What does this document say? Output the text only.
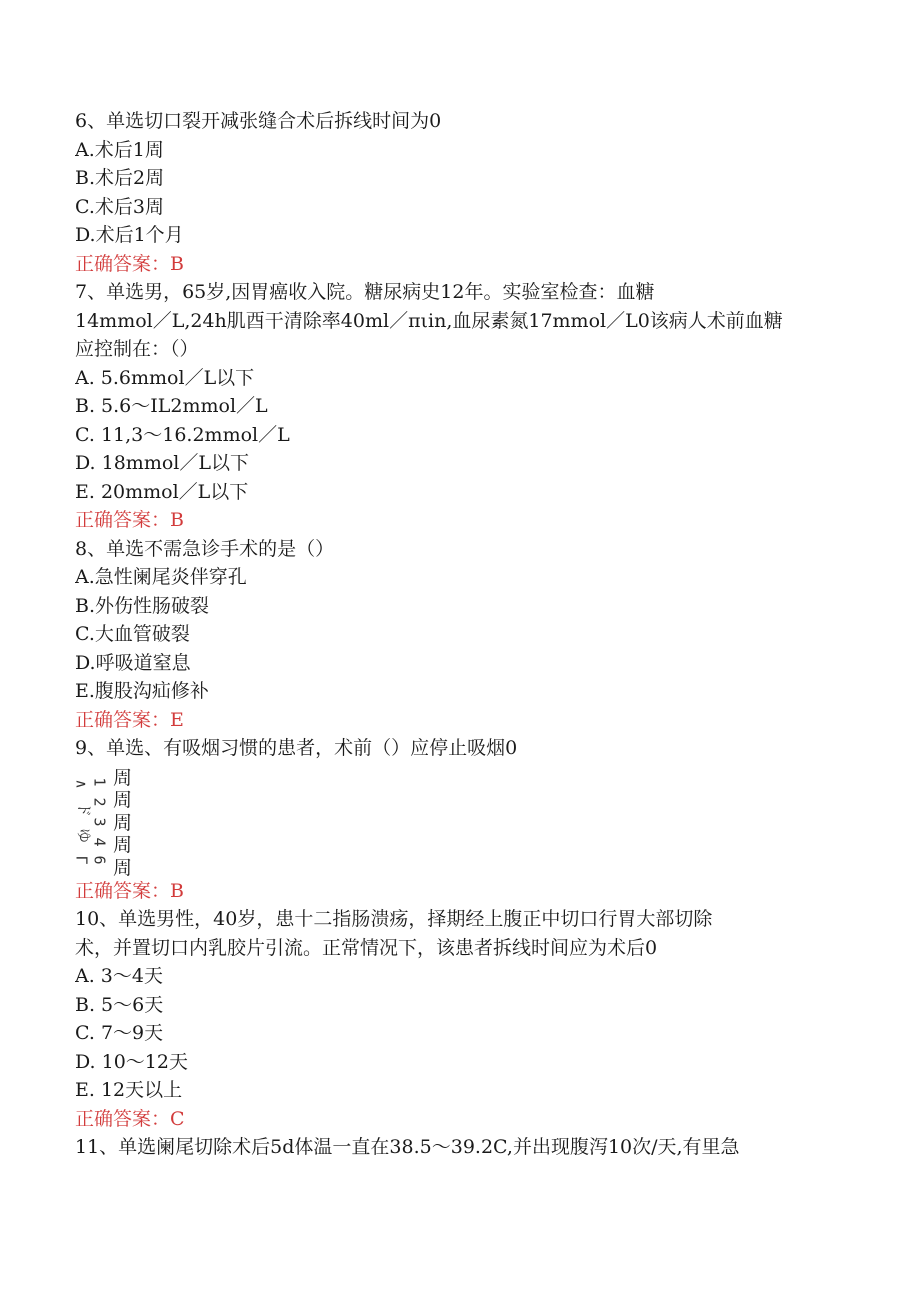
6、单选切口裂开减张缝合术后拆线时间为0
A.术后1周
B.术后2周
C.术后3周
D.术后1个月
正确答案：B
7、单选男，65岁,因胃癌收入院。糖尿病史12年。实验室检查：血糖
14mmol／L,24h肌酉干清除率40ml／πιin,血尿素氮17mmol／L0该病人术前血糖
应控制在：（）
A. 5.6mmol／L以下
B. 5.6～IL2mmol／L
C. 11,3～16.2mmol／L
D. 18mmol／L以下
E. 20mmol／L以下
正确答案：B
8、单选不需急诊手术的是（）
A.急性阑尾炎伴穿孔
B.外伤性肠破裂
C.大血管破裂
D.呼吸道窒息
E.腹股沟疝修补
正确答案：E
9、单选、有吸烟习惯的患者，术前（）应停止吸烟0
∧ 1
2
ド
3
4
ゆ
6
Γ
周
周
周
周
周
正确答案：B
10、单选男性，40岁，患十二指肠溃疡，择期经上腹正中切口行胃大部切除
术，并置切口内乳胶片引流。正常情况下，该患者拆线时间应为术后0
A. 3～4天
B. 5～6天
C. 7～9天
D. 10～12天
E. 12天以上
正确答案：C
11、单选阑尾切除术后5d体温一直在38.5～39.2C,并出现腹泻10次/天,有里急
